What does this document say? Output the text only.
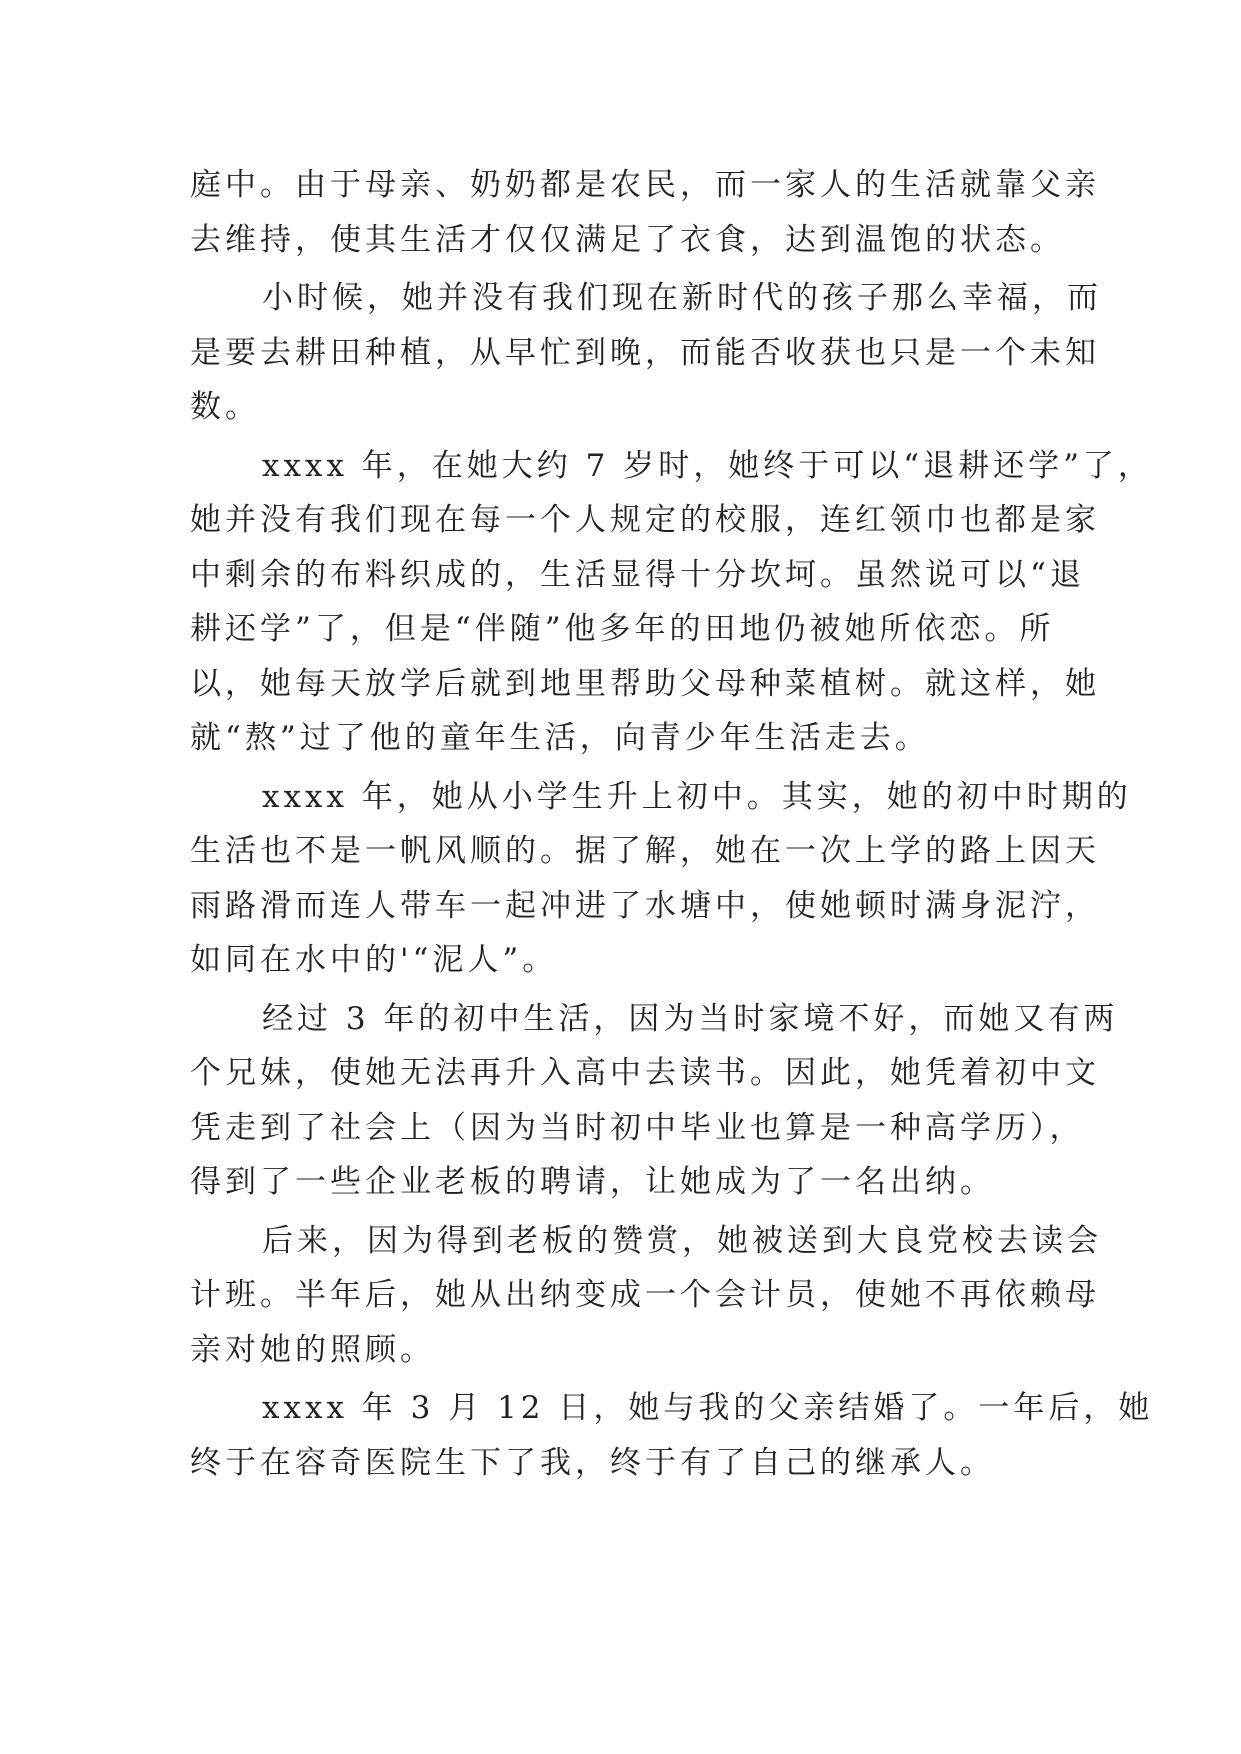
庭中。由于母亲、奶奶都是农民，而一家人的生活就靠父亲
去维持，使其生活才仅仅满足了衣食，达到温饱的状态。
小时候，她并没有我们现在新时代的孩子那么幸福，而
是要去耕田种植，从早忙到晚，而能否收获也只是一个未知
数。
xxxx 年，在她大约 7 岁时，她终于可以“退耕还学”了，
她并没有我们现在每一个人规定的校服，连红领巾也都是家
中剩余的布料织成的，生活显得十分坎坷。虽然说可以“退
耕还学”了，但是“伴随”他多年的田地仍被她所依恋。所
以，她每天放学后就到地里帮助父母种菜植树。就这样，她
就“熬”过了他的童年生活，向青少年生活走去。
xxxx 年，她从小学生升上初中。其实，她的初中时期的
生活也不是一帆风顺的。据了解，她在一次上学的路上因天
雨路滑而连人带车一起冲进了水塘中，使她顿时满身泥泞，
如同在水中的'“泥人”。
经过 3 年的初中生活，因为当时家境不好，而她又有两
个兄妹，使她无法再升入高中去读书。因此，她凭着初中文
凭走到了社会上（因为当时初中毕业也算是一种高学历），
得到了一些企业老板的聘请，让她成为了一名出纳。
后来，因为得到老板的赞赏，她被送到大良党校去读会
计班。半年后，她从出纳变成一个会计员，使她不再依赖母
亲对她的照顾。
xxxx 年 3 月 12 日，她与我的父亲结婚了。一年后，她
终于在容奇医院生下了我，终于有了自己的继承人。
